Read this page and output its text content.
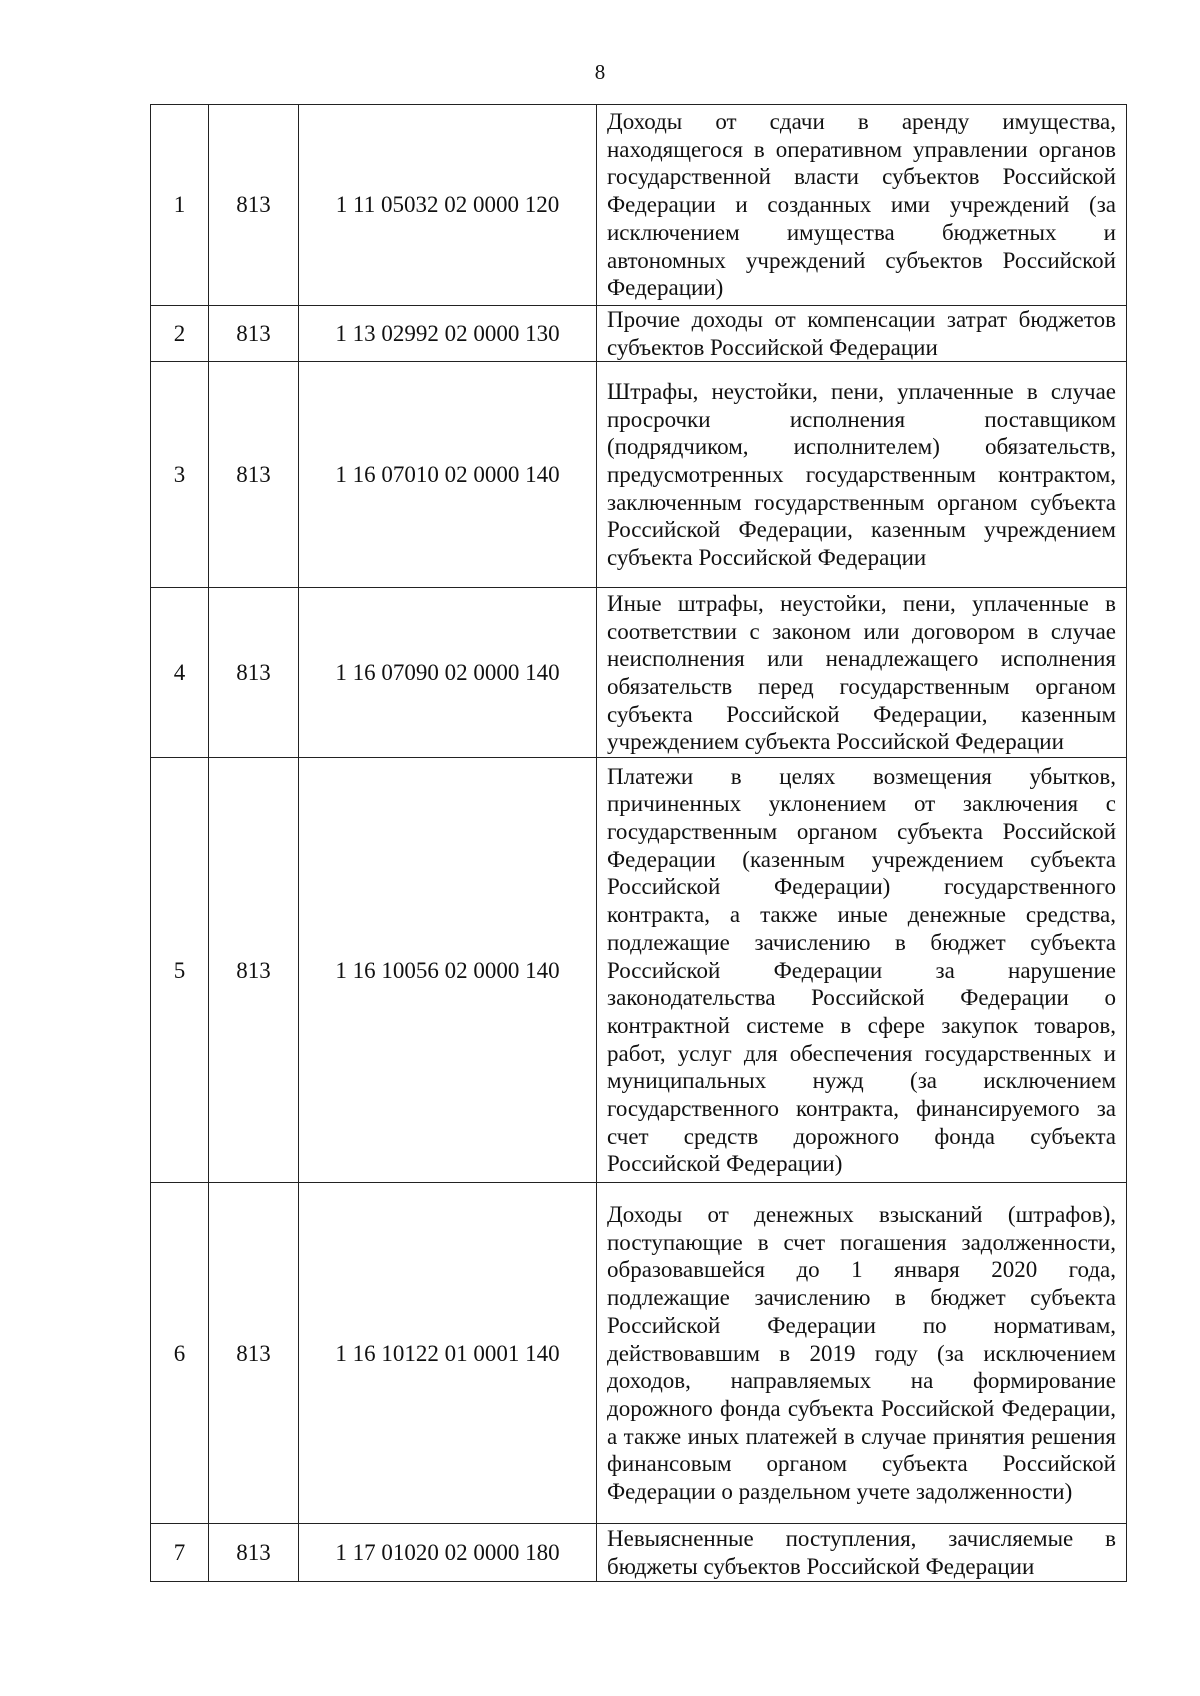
8
1	813	1 11 05032 02 0000 120	Доходы от сдачи в аренду имущества, находящегося в оперативном управлении органов государственной власти субъектов Российской Федерации и созданных ими учреждений (за исключением имущества бюджетных и автономных учреждений субъектов Российской Федерации)
2	813	1 13 02992 02 0000 130	Прочие доходы от компенсации затрат бюджетов субъектов Российской Федерации
3	813	1 16 07010 02 0000 140	Штрафы, неустойки, пени, уплаченные в случае просрочки исполнения поставщиком (подрядчиком, исполнителем) обязательств, предусмотренных государственным контрактом, заключенным государственным органом субъекта Российской Федерации, казенным учреждением субъекта Российской Федерации
4	813	1 16 07090 02 0000 140	Иные штрафы, неустойки, пени, уплаченные в соответствии с законом или договором в случае неисполнения или ненадлежащего исполнения обязательств перед государственным органом субъекта Российской Федерации, казенным учреждением субъекта Российской Федерации
5	813	1 16 10056 02 0000 140	Платежи в целях возмещения убытков, причиненных уклонением от заключения с государственным органом субъекта Российской Федерации (казенным учреждением субъекта Российской Федерации) государственного контракта, а также иные денежные средства, подлежащие зачислению в бюджет субъекта Российской Федерации за нарушение законодательства Российской Федерации о контрактной системе в сфере закупок товаров, работ, услуг для обеспечения государственных и муниципальных нужд (за исключением государственного контракта, финансируемого за счет средств дорожного фонда субъекта Российской Федерации)
6	813	1 16 10122 01 0001 140	Доходы от денежных взысканий (штрафов), поступающие в счет погашения задолженности, образовавшейся до 1 января 2020 года, подлежащие зачислению в бюджет субъекта Российской Федерации по нормативам, действовавшим в 2019 году (за исключением доходов, направляемых на формирование дорожного фонда субъекта Российской Федерации, а также иных платежей в случае принятия решения финансовым органом субъекта Российской Федерации о раздельном учете задолженности)
7	813	1 17 01020 02 0000 180	Невыясненные поступления, зачисляемые в бюджеты субъектов Российской Федерации
